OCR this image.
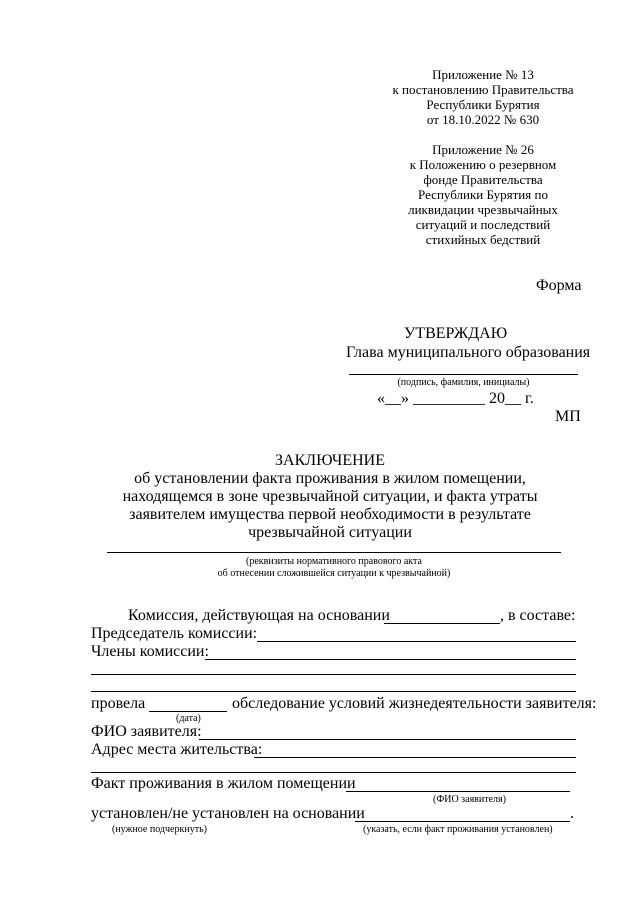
Приложение № 13
к постановлению Правительства
Республики Бурятия
от 18.10.2022 № 630
Приложение № 26
к Положению о резервном
фонде Правительства
Республики Бурятия по
ликвидации чрезвычайных
ситуаций и последствий
стихийных бедствий
Форма
УТВЕРЖДАЮ
Глава муниципального образования
(подпись, фамилия, инициалы)
«__» _________ 20__ г.
МП
ЗАКЛЮЧЕНИЕ
об установлении факта проживания в жилом помещении,
находящемся в зоне чрезвычайной ситуации, и факта утраты
заявителем имущества первой необходимости в результате
чрезвычайной ситуации
(реквизиты нормативного правового акта
об отнесении сложившейся ситуации к чрезвычайной)
Комиссия, действующая на основании	, в составе:
Председатель комиссии:
Члены комиссии:
провела	обследование условий жизнедеятельности заявителя:
(дата)
ФИО заявителя:
Адрес места жительства:
Факт проживания в жилом помещении
(ФИО заявителя)
установлен/не установлен на основании	.
(нужное подчеркнуть)	(указать, если факт проживания установлен)
